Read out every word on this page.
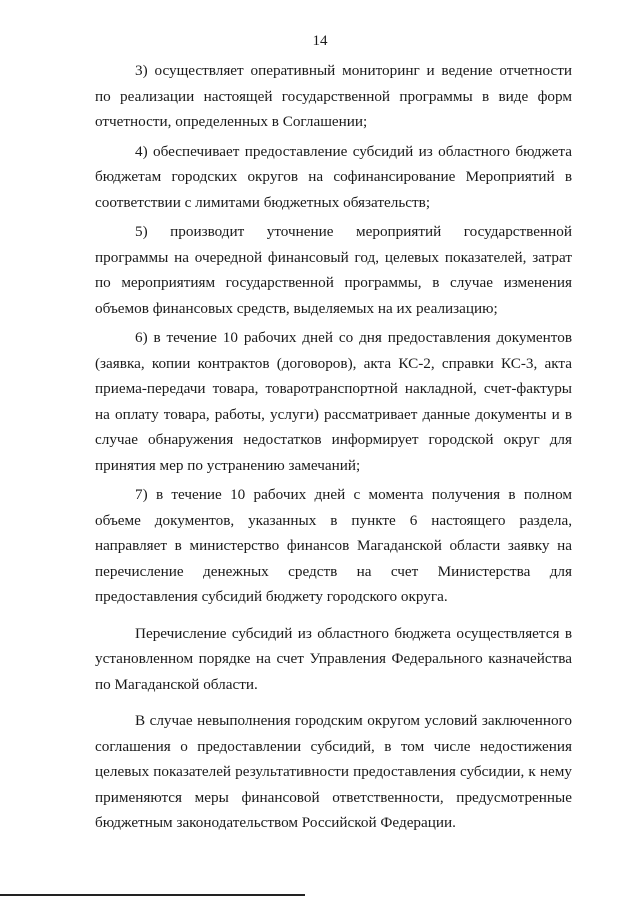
14

3) осуществляет оперативный мониторинг и ведение отчетности по реализации настоящей государственной программы в виде форм отчетности, определенных в Соглашении;

4) обеспечивает предоставление субсидий из областного бюджета бюджетам городских округов на софинансирование Мероприятий в соответствии с лимитами бюджетных обязательств;

5) производит уточнение мероприятий государственной программы на очередной финансовый год, целевых показателей, затрат по мероприятиям государственной программы, в случае изменения объемов финансовых средств, выделяемых на их реализацию;

6) в течение 10 рабочих дней со дня предоставления документов (заявка, копии контрактов (договоров), акта КС-2, справки КС-3, акта приема-передачи товара, товаротранспортной накладной, счет-фактуры на оплату товара, работы, услуги) рассматривает данные документы и в случае обнаружения недостатков информирует городской округ для принятия мер по устранению замечаний;

7) в течение 10 рабочих дней с момента получения в полном объеме документов, указанных в пункте 6 настоящего раздела, направляет в министерство финансов Магаданской области заявку на перечисление денежных средств на счет Министерства для предоставления субсидий бюджету городского округа.

Перечисление субсидий из областного бюджета осуществляется в установленном порядке на счет Управления Федерального казначейства по Магаданской области.

В случае невыполнения городским округом условий заключенного соглашения о предоставлении субсидий, в том числе недостижения целевых показателей результативности предоставления субсидии, к нему применяются меры финансовой ответственности, предусмотренные бюджетным законодательством Российской Федерации.
